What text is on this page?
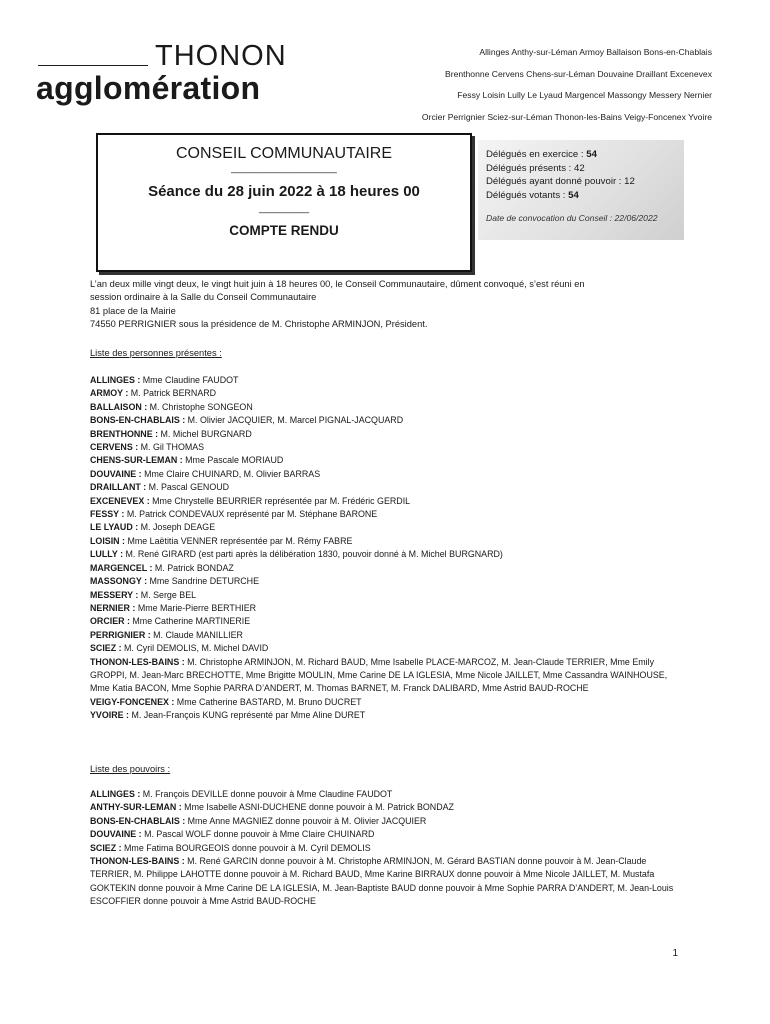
THONON
agglomération
Allinges Anthy-sur-Léman Armoy Ballaison Bons-en-Chablais
Brenthonne Cervens Chens-sur-Léman Douvaine Draillant Excenevex
Fessy Loisin Lully Le Lyaud Margencel Massongy Messery Nernier
Orcier Perrignier Sciez-sur-Léman Thonon-les-Bains Veigy-Foncenex Yvoire
CONSEIL COMMUNAUTAIRE
___________________
Séance du 28 juin 2022 à 18 heures 00
_________
COMPTE RENDU
Délégués en exercice : 54
Délégués présents : 42
Délégués ayant donné pouvoir : 12
Délégués votants : 54
Date de convocation du Conseil : 22/06/2022
L’an deux mille vingt deux, le vingt huit juin à 18 heures 00, le Conseil Communautaire, dûment convoqué, s’est réuni en
session ordinaire à la Salle du Conseil Communautaire
81 place de la Mairie
74550 PERRIGNIER sous la présidence de M. Christophe ARMINJON, Président.
Liste des personnes présentes :
ALLINGES : Mme Claudine FAUDOT
ARMOY : M. Patrick BERNARD
BALLAISON : M. Christophe SONGEON
BONS-EN-CHABLAIS : M. Olivier JACQUIER, M. Marcel PIGNAL-JACQUARD
BRENTHONNE : M. Michel BURGNARD
CERVENS : M. Gil THOMAS
CHENS-SUR-LEMAN : Mme Pascale MORIAUD
DOUVAINE : Mme Claire CHUINARD, M. Olivier BARRAS
DRAILLANT : M. Pascal GENOUD
EXCENEVEX : Mme Chrystelle BEURRIER représentée par M. Frédéric GERDIL
FESSY : M. Patrick CONDEVAUX représenté par M. Stéphane BARONE
LE LYAUD : M. Joseph DEAGE
LOISIN : Mme Laëtitia VENNER représentée par M. Rémy FABRE
LULLY : M. René GIRARD (est parti après la délibération 1830, pouvoir donné à M. Michel BURGNARD)
MARGENCEL : M. Patrick BONDAZ
MASSONGY : Mme Sandrine DETURCHE
MESSERY : M. Serge BEL
NERNIER : Mme Marie-Pierre BERTHIER
ORCIER : Mme Catherine MARTINERIE
PERRIGNIER : M. Claude MANILLIER
SCIEZ : M. Cyril DEMOLIS, M. Michel DAVID
THONON-LES-BAINS : M. Christophe ARMINJON, M. Richard BAUD, Mme Isabelle PLACE-MARCOZ, M. Jean-Claude TERRIER, Mme Emily GROPPI, M. Jean-Marc BRECHOTTE, Mme Brigitte MOULIN, Mme Carine DE LA IGLESIA, Mme Nicole JAILLET, Mme Cassandra WAINHOUSE, Mme Katia BACON, Mme Sophie PARRA D’ANDERT, M. Thomas BARNET, M. Franck DALIBARD, Mme Astrid BAUD-ROCHE
VEIGY-FONCENEX : Mme Catherine BASTARD, M. Bruno DUCRET
YVOIRE : M. Jean-François KUNG représenté par Mme Aline DURET
Liste des pouvoirs :
ALLINGES : M. François DEVILLE donne pouvoir à Mme Claudine FAUDOT
ANTHY-SUR-LEMAN : Mme Isabelle ASNI-DUCHENE donne pouvoir à M. Patrick BONDAZ
BONS-EN-CHABLAIS : Mme Anne MAGNIEZ donne pouvoir à M. Olivier JACQUIER
DOUVAINE : M. Pascal WOLF donne pouvoir à Mme Claire CHUINARD
SCIEZ : Mme Fatima BOURGEOIS donne pouvoir à M. Cyril DEMOLIS
THONON-LES-BAINS : M. René GARCIN donne pouvoir à M. Christophe ARMINJON, M. Gérard BASTIAN donne pouvoir à M. Jean-Claude TERRIER, M. Philippe LAHOTTE donne pouvoir à M. Richard BAUD, Mme Karine BIRRAUX donne pouvoir à Mme Nicole JAILLET, M. Mustafa GOKTEKIN donne pouvoir à Mme Carine DE LA IGLESIA, M. Jean-Baptiste BAUD donne pouvoir à Mme Sophie PARRA D’ANDERT, M. Jean-Louis ESCOFFIER donne pouvoir à Mme Astrid BAUD-ROCHE
1
